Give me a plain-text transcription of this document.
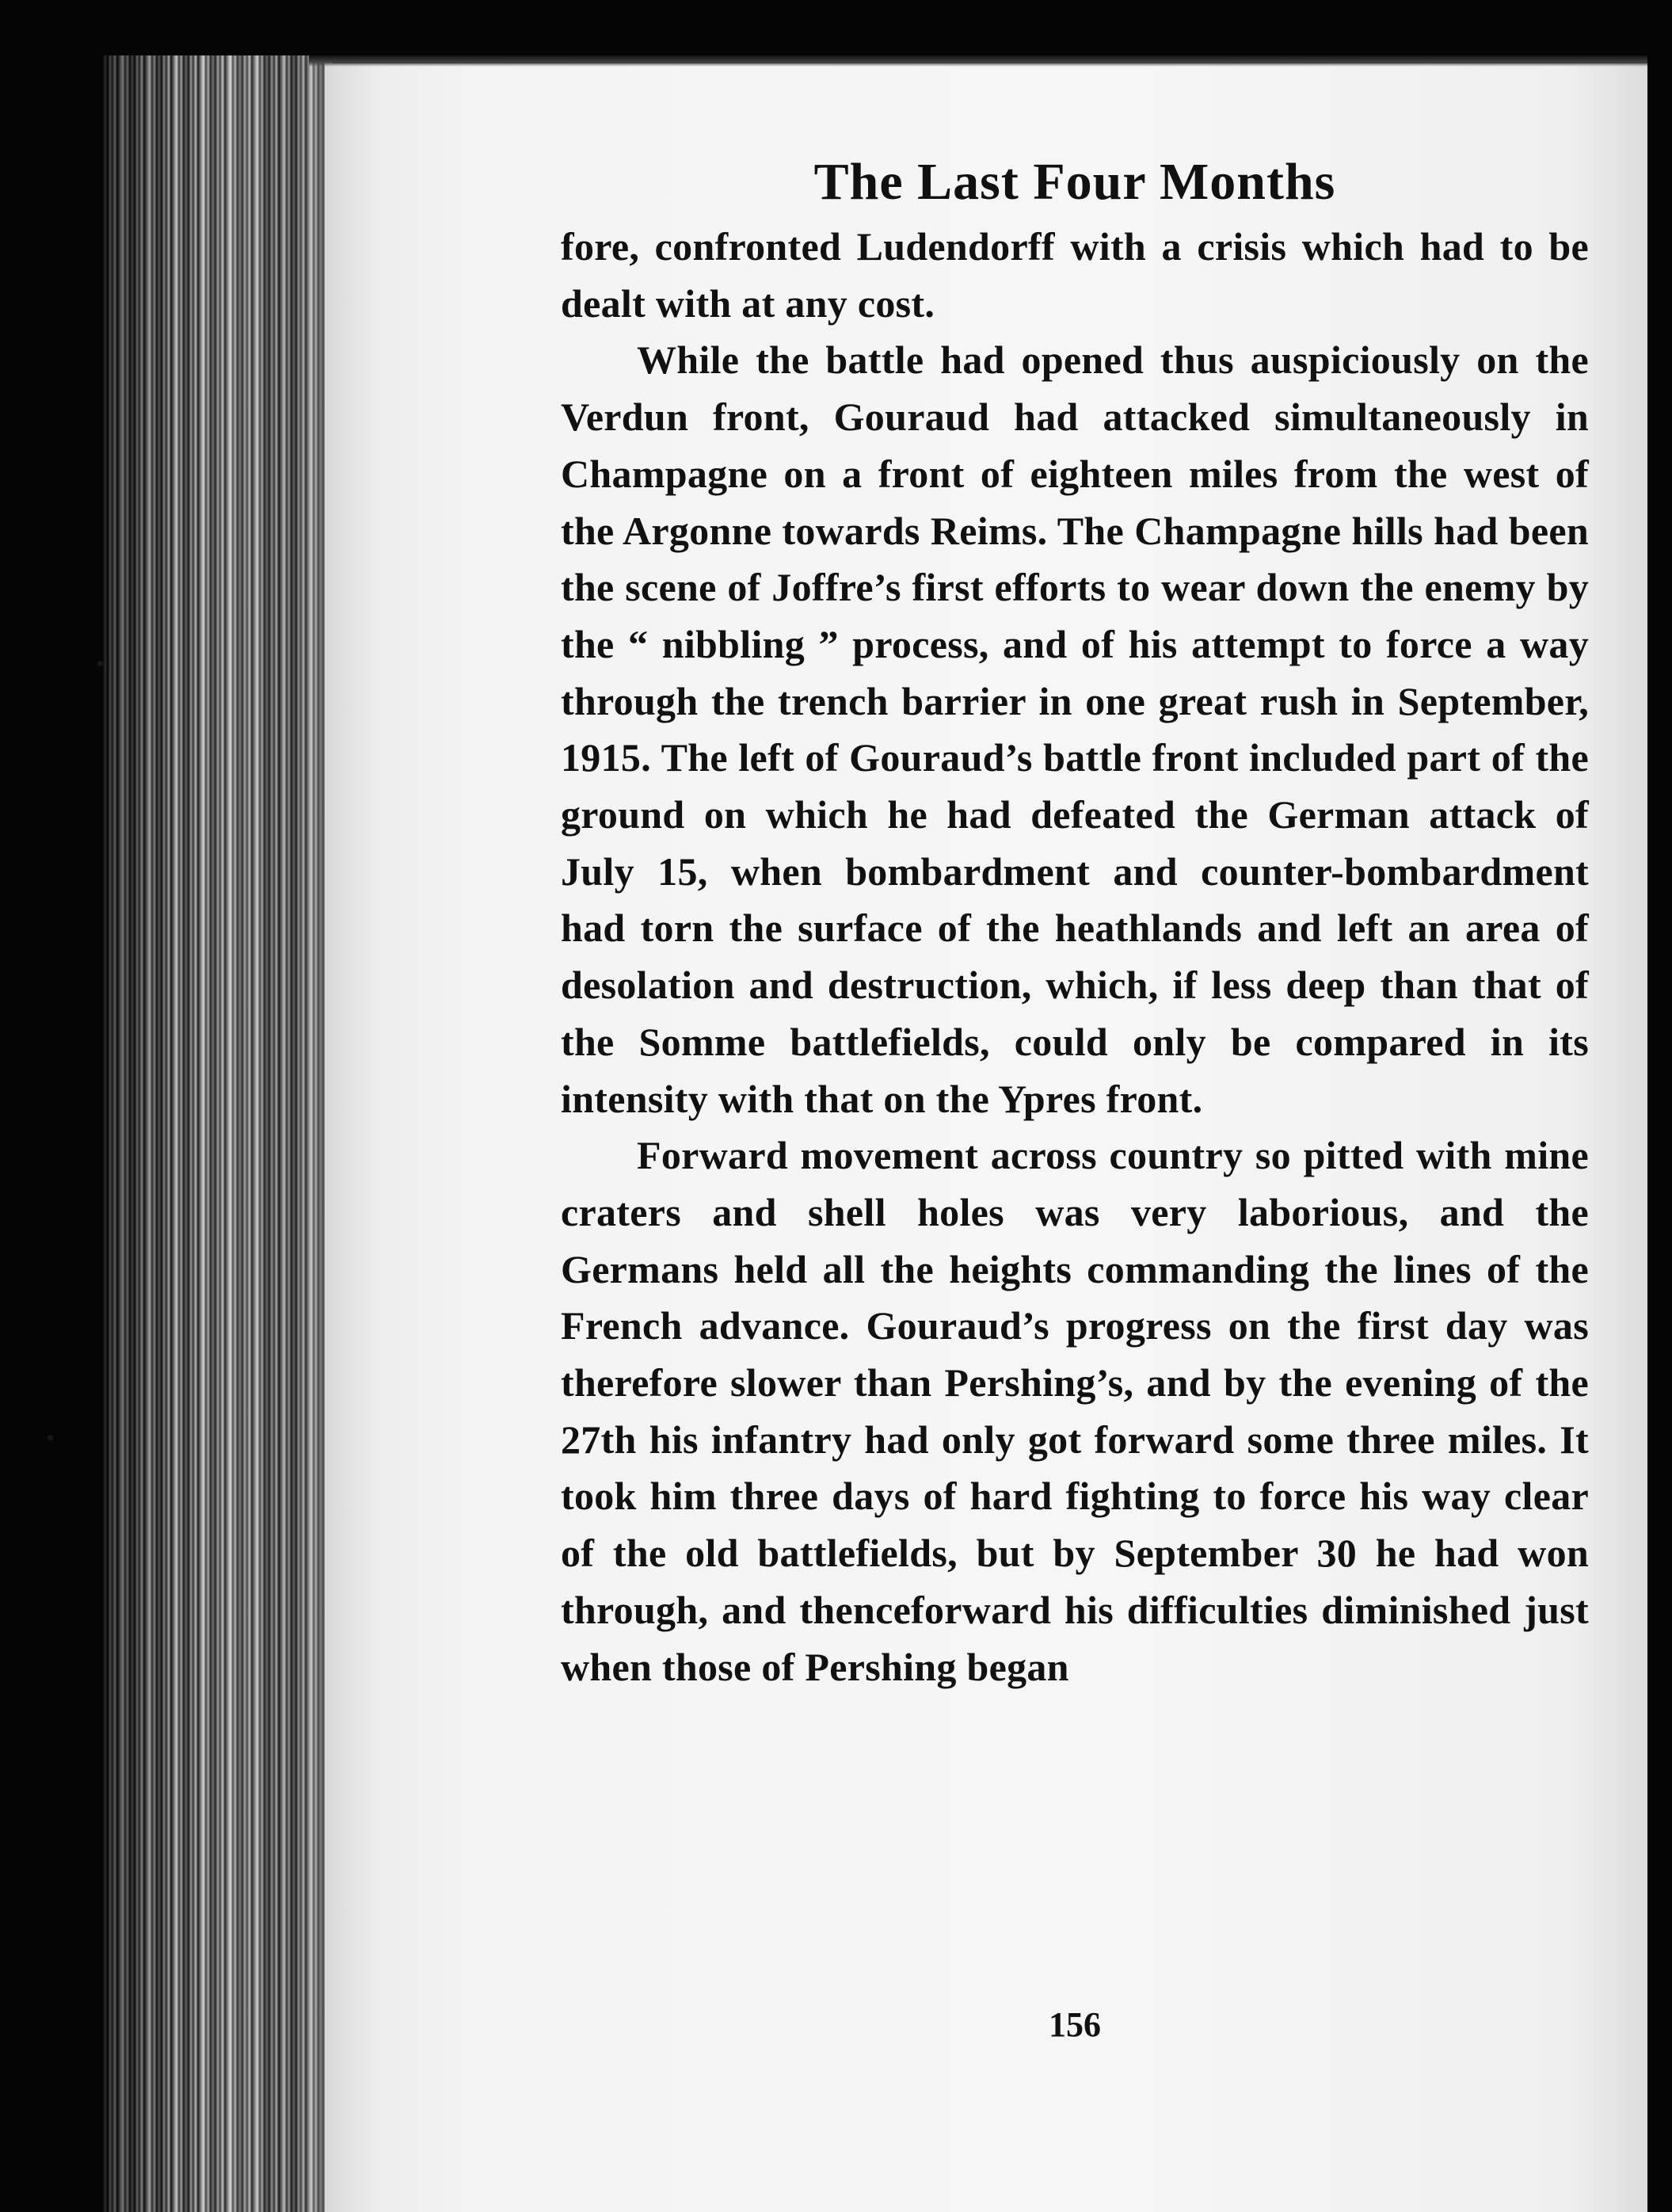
The Last Four Months

fore, confronted Ludendorff with a crisis which had to be dealt with at any cost.

While the battle had opened thus auspiciously on the Verdun front, Gouraud had attacked simultaneously in Champagne on a front of eighteen miles from the west of the Argonne towards Reims. The Champagne hills had been the scene of Joffre’s first efforts to wear down the enemy by the “ nibbling ” process, and of his attempt to force a way through the trench barrier in one great rush in September, 1915. The left of Gouraud’s battle front included part of the ground on which he had defeated the German attack of July 15, when bombardment and counter-bombardment had torn the surface of the heathlands and left an area of desolation and destruction, which, if less deep than that of the Somme battlefields, could only be compared in its intensity with that on the Ypres front.

Forward movement across country so pitted with mine craters and shell holes was very laborious, and the Germans held all the heights commanding the lines of the French advance. Gouraud’s progress on the first day was therefore slower than Pershing’s, and by the evening of the 27th his infantry had only got forward some three miles. It took him three days of hard fighting to force his way clear of the old battlefields, but by September 30 he had won through, and thenceforward his difficulties diminished just when those of Pershing began

156
